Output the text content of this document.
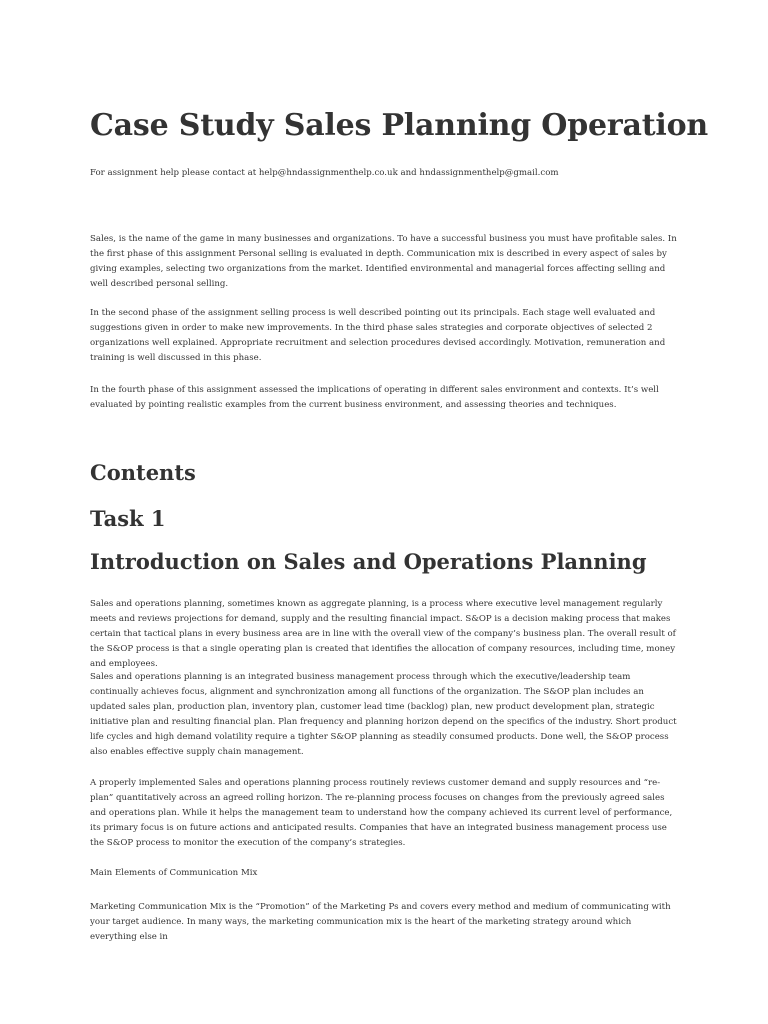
Case Study Sales Planning Operation
For assignment help please contact at help@hndassignmenthelp.co.uk and hndassignmenthelp@gmail.com

Sales, is the name of the game in many businesses and organizations. To have a successful business you must have profitable sales. In the first phase of this assignment Personal selling is evaluated in depth. Communication mix is described in every aspect of sales by giving examples, selecting two organizations from the market. Identified environmental and managerial forces affecting selling and well described personal selling.

In the second phase of the assignment selling process is well described pointing out its principals. Each stage well evaluated and suggestions given in order to make new improvements. In the third phase sales strategies and corporate objectives of selected 2 organizations well explained. Appropriate recruitment and selection procedures devised accordingly. Motivation, remuneration and training is well discussed in this phase.

In the fourth phase of this assignment assessed the implications of operating in different sales environment and contexts. It’s well evaluated by pointing realistic examples from the current business environment, and assessing theories and techniques.

Contents
Task 1
Introduction on Sales and Operations Planning

Sales and operations planning, sometimes known as aggregate planning, is a process where executive level management regularly meets and reviews projections for demand, supply and the resulting financial impact. S&OP is a decision making process that makes certain that tactical plans in every business area are in line with the overall view of the company’s business plan. The overall result of the S&OP process is that a single operating plan is created that identifies the allocation of company resources, including time, money and employees.

Sales and operations planning is an integrated business management process through which the executive/leadership team continually achieves focus, alignment and synchronization among all functions of the organization. The S&OP plan includes an updated sales plan, production plan, inventory plan, customer lead time (backlog) plan, new product development plan, strategic initiative plan and resulting financial plan. Plan frequency and planning horizon depend on the specifics of the industry. Short product life cycles and high demand volatility require a tighter S&OP planning as steadily consumed products. Done well, the S&OP process also enables effective supply chain management.

A properly implemented Sales and operations planning process routinely reviews customer demand and supply resources and “re-plan” quantitatively across an agreed rolling horizon. The re-planning process focuses on changes from the previously agreed sales and operations plan. While it helps the management team to understand how the company achieved its current level of performance, its primary focus is on future actions and anticipated results. Companies that have an integrated business management process use the S&OP process to monitor the execution of the company’s strategies.

Main Elements of Communication Mix

Marketing Communication Mix is the “Promotion” of the Marketing Ps and covers every method and medium of communicating with your target audience. In many ways, the marketing communication mix is the heart of the marketing strategy around which everything else in
